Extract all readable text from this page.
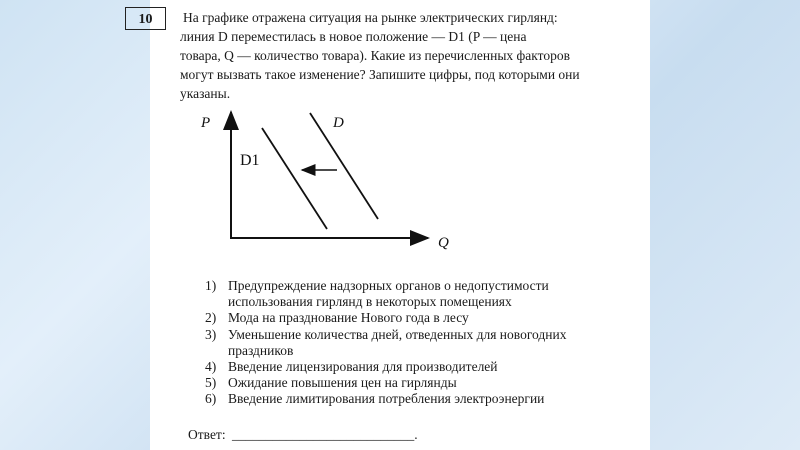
10	На графике отражена ситуация на рынке электрических гирлянд:
линия D переместилась в новое положение — D1 (P — цена
товара, Q — количество товара). Какие из перечисленных факторов
могут вызвать такое изменение? Запишите цифры, под которыми они
указаны.
P	D
D1
Q
1) Предупреждение надзорных органов о недопустимости
использования гирлянд в некоторых помещениях
2) Мода на празднование Нового года в лесу
3) Уменьшение количества дней, отведенных для новогодних
праздников
4) Введение лицензирования для производителей
5) Ожидание повышения цен на гирлянды
6) Введение лимитирования потребления электроэнергии
Ответ: ___________________________.
